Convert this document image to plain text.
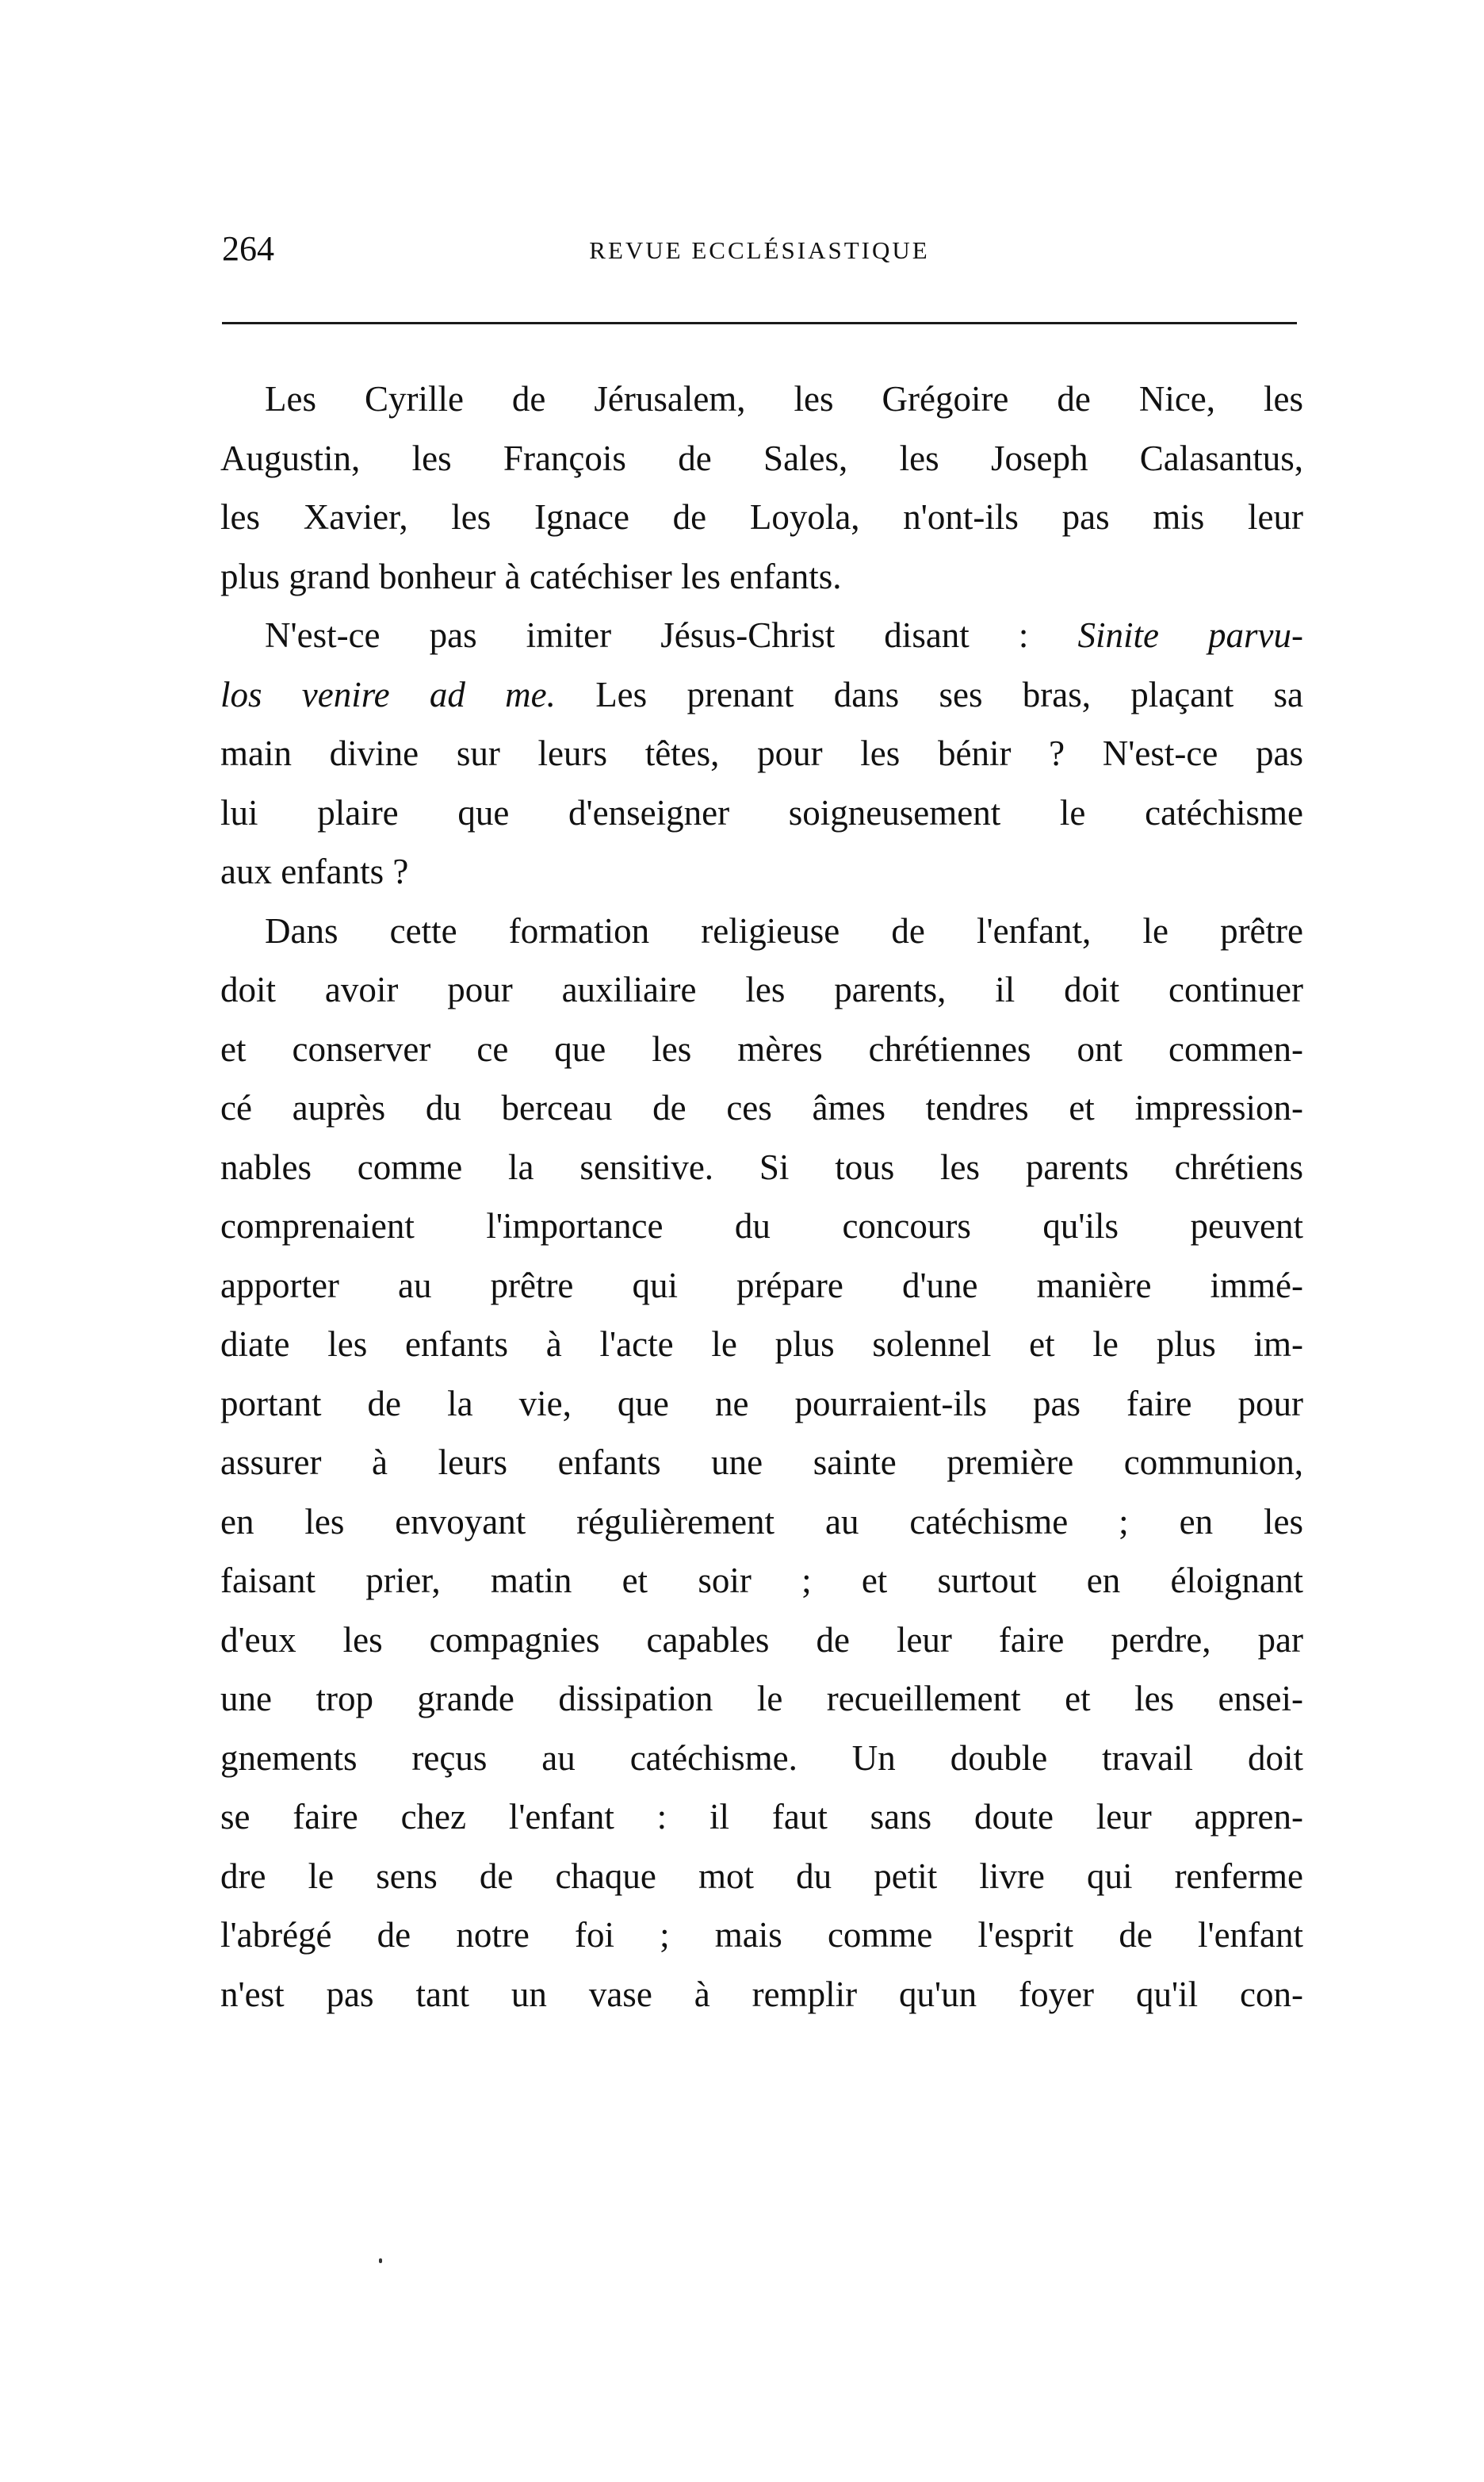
264	REVUE ECCLÉSIASTIQUE

Les Cyrille de Jérusalem, les Grégoire de Nice, les
Augustin, les François de Sales, les Joseph Calasantus,
les Xavier, les Ignace de Loyola, n'ont-ils pas mis leur
plus grand bonheur à catéchiser les enfants.

N'est-ce pas imiter Jésus-Christ disant : Sinite parvu-
los venire ad me. Les prenant dans ses bras, plaçant sa
main divine sur leurs têtes, pour les bénir ? N'est-ce pas
lui plaire que d'enseigner soigneusement le catéchisme
aux enfants ?

Dans cette formation religieuse de l'enfant, le prêtre
doit avoir pour auxiliaire les parents, il doit continuer
et conserver ce que les mères chrétiennes ont commen-
cé auprès du berceau de ces âmes tendres et impression-
nables comme la sensitive. Si tous les parents chrétiens
comprenaient l'importance du concours qu'ils peuvent
apporter au prêtre qui prépare d'une manière immé-
diate les enfants à l'acte le plus solennel et le plus im-
portant de la vie, que ne pourraient-ils pas faire pour
assurer à leurs enfants une sainte première communion,
en les envoyant régulièrement au catéchisme ; en les
faisant prier, matin et soir ; et surtout en éloignant
d'eux les compagnies capables de leur faire perdre, par
une trop grande dissipation le recueillement et les ensei-
gnements reçus au catéchisme. Un double travail doit
se faire chez l'enfant : il faut sans doute leur appren-
dre le sens de chaque mot du petit livre qui renferme
l'abrégé de notre foi ; mais comme l'esprit de l'enfant
n'est pas tant un vase à remplir qu'un foyer qu'il con-
